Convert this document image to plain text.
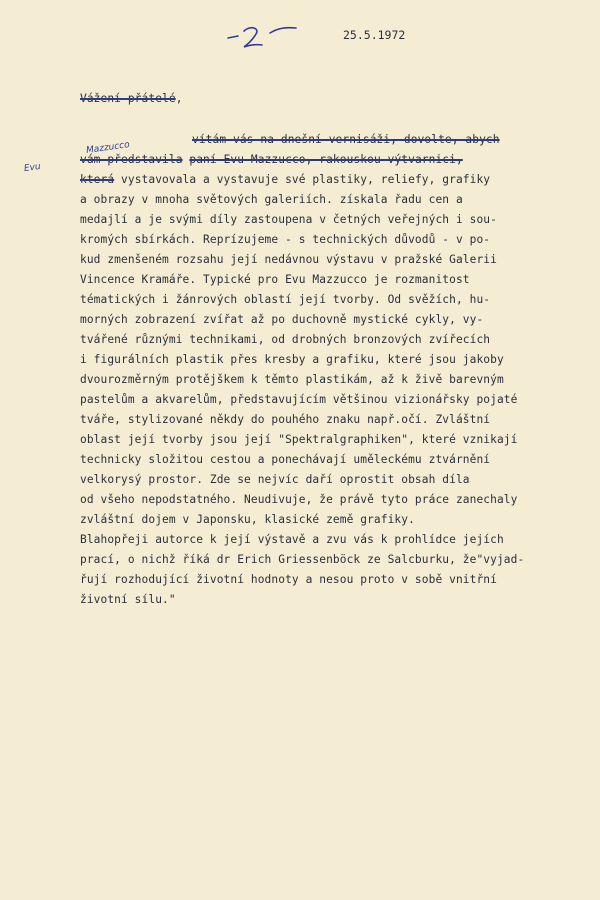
25.5.1972

Vážení přátelé,

vítám vás na dnešní vernisáži, dovolte, abych

vám představila paní Evu Mazzucco, rakouskou výtvarnici,

Evu
Mazzucco

která vystavovala a vystavuje své plastiky, reliefy, grafiky

a obrazy v mnoha světových galeriích. získala řadu cen a

medajlí a je svými díly zastoupena v četných veřejných i sou-

kromých sbírkách. Reprízujeme - s technických důvodů - v po-

kud zmenšeném rozsahu její nedávnou výstavu v pražské Galerii

Vincence Kramáře. Typické pro Evu Mazzucco je rozmanitost

tématických i žánrových oblastí její tvorby. Od svěžích, hu-

morných zobrazení zvířat až po duchovně mystické cykly, vy-

tvářené různými technikami, od drobných bronzových zvířecích

i figurálních plastik přes kresby a grafiku, které jsou jakoby

dvourozměrným protějškem k těmto plastikám, až k živě barevným

pastelům a akvarelům, představujícím většinou vizionářsky pojaté

tváře, stylizované někdy do pouhého znaku např.očí. Zvláštní

oblast její tvorby jsou její "Spektralgraphiken", které vznikají

technicky složitou cestou a ponechávají uměleckému ztvárnění

velkorysý prostor. Zde se nejvíc daří oprostit obsah díla

od všeho nepodstatného. Neudivuje, že právě tyto práce zanechaly

zvláštní dojem v Japonsku, klasické země grafiky.

Blahopřeji autorce k její výstavě a zvu vás k prohlídce jejích

prací, o nichž říká dr Erich Griessenböck ze Salcburku, že"vyjad-

řují rozhodující životní hodnoty a nesou proto v sobě vnitřní

životní sílu."
